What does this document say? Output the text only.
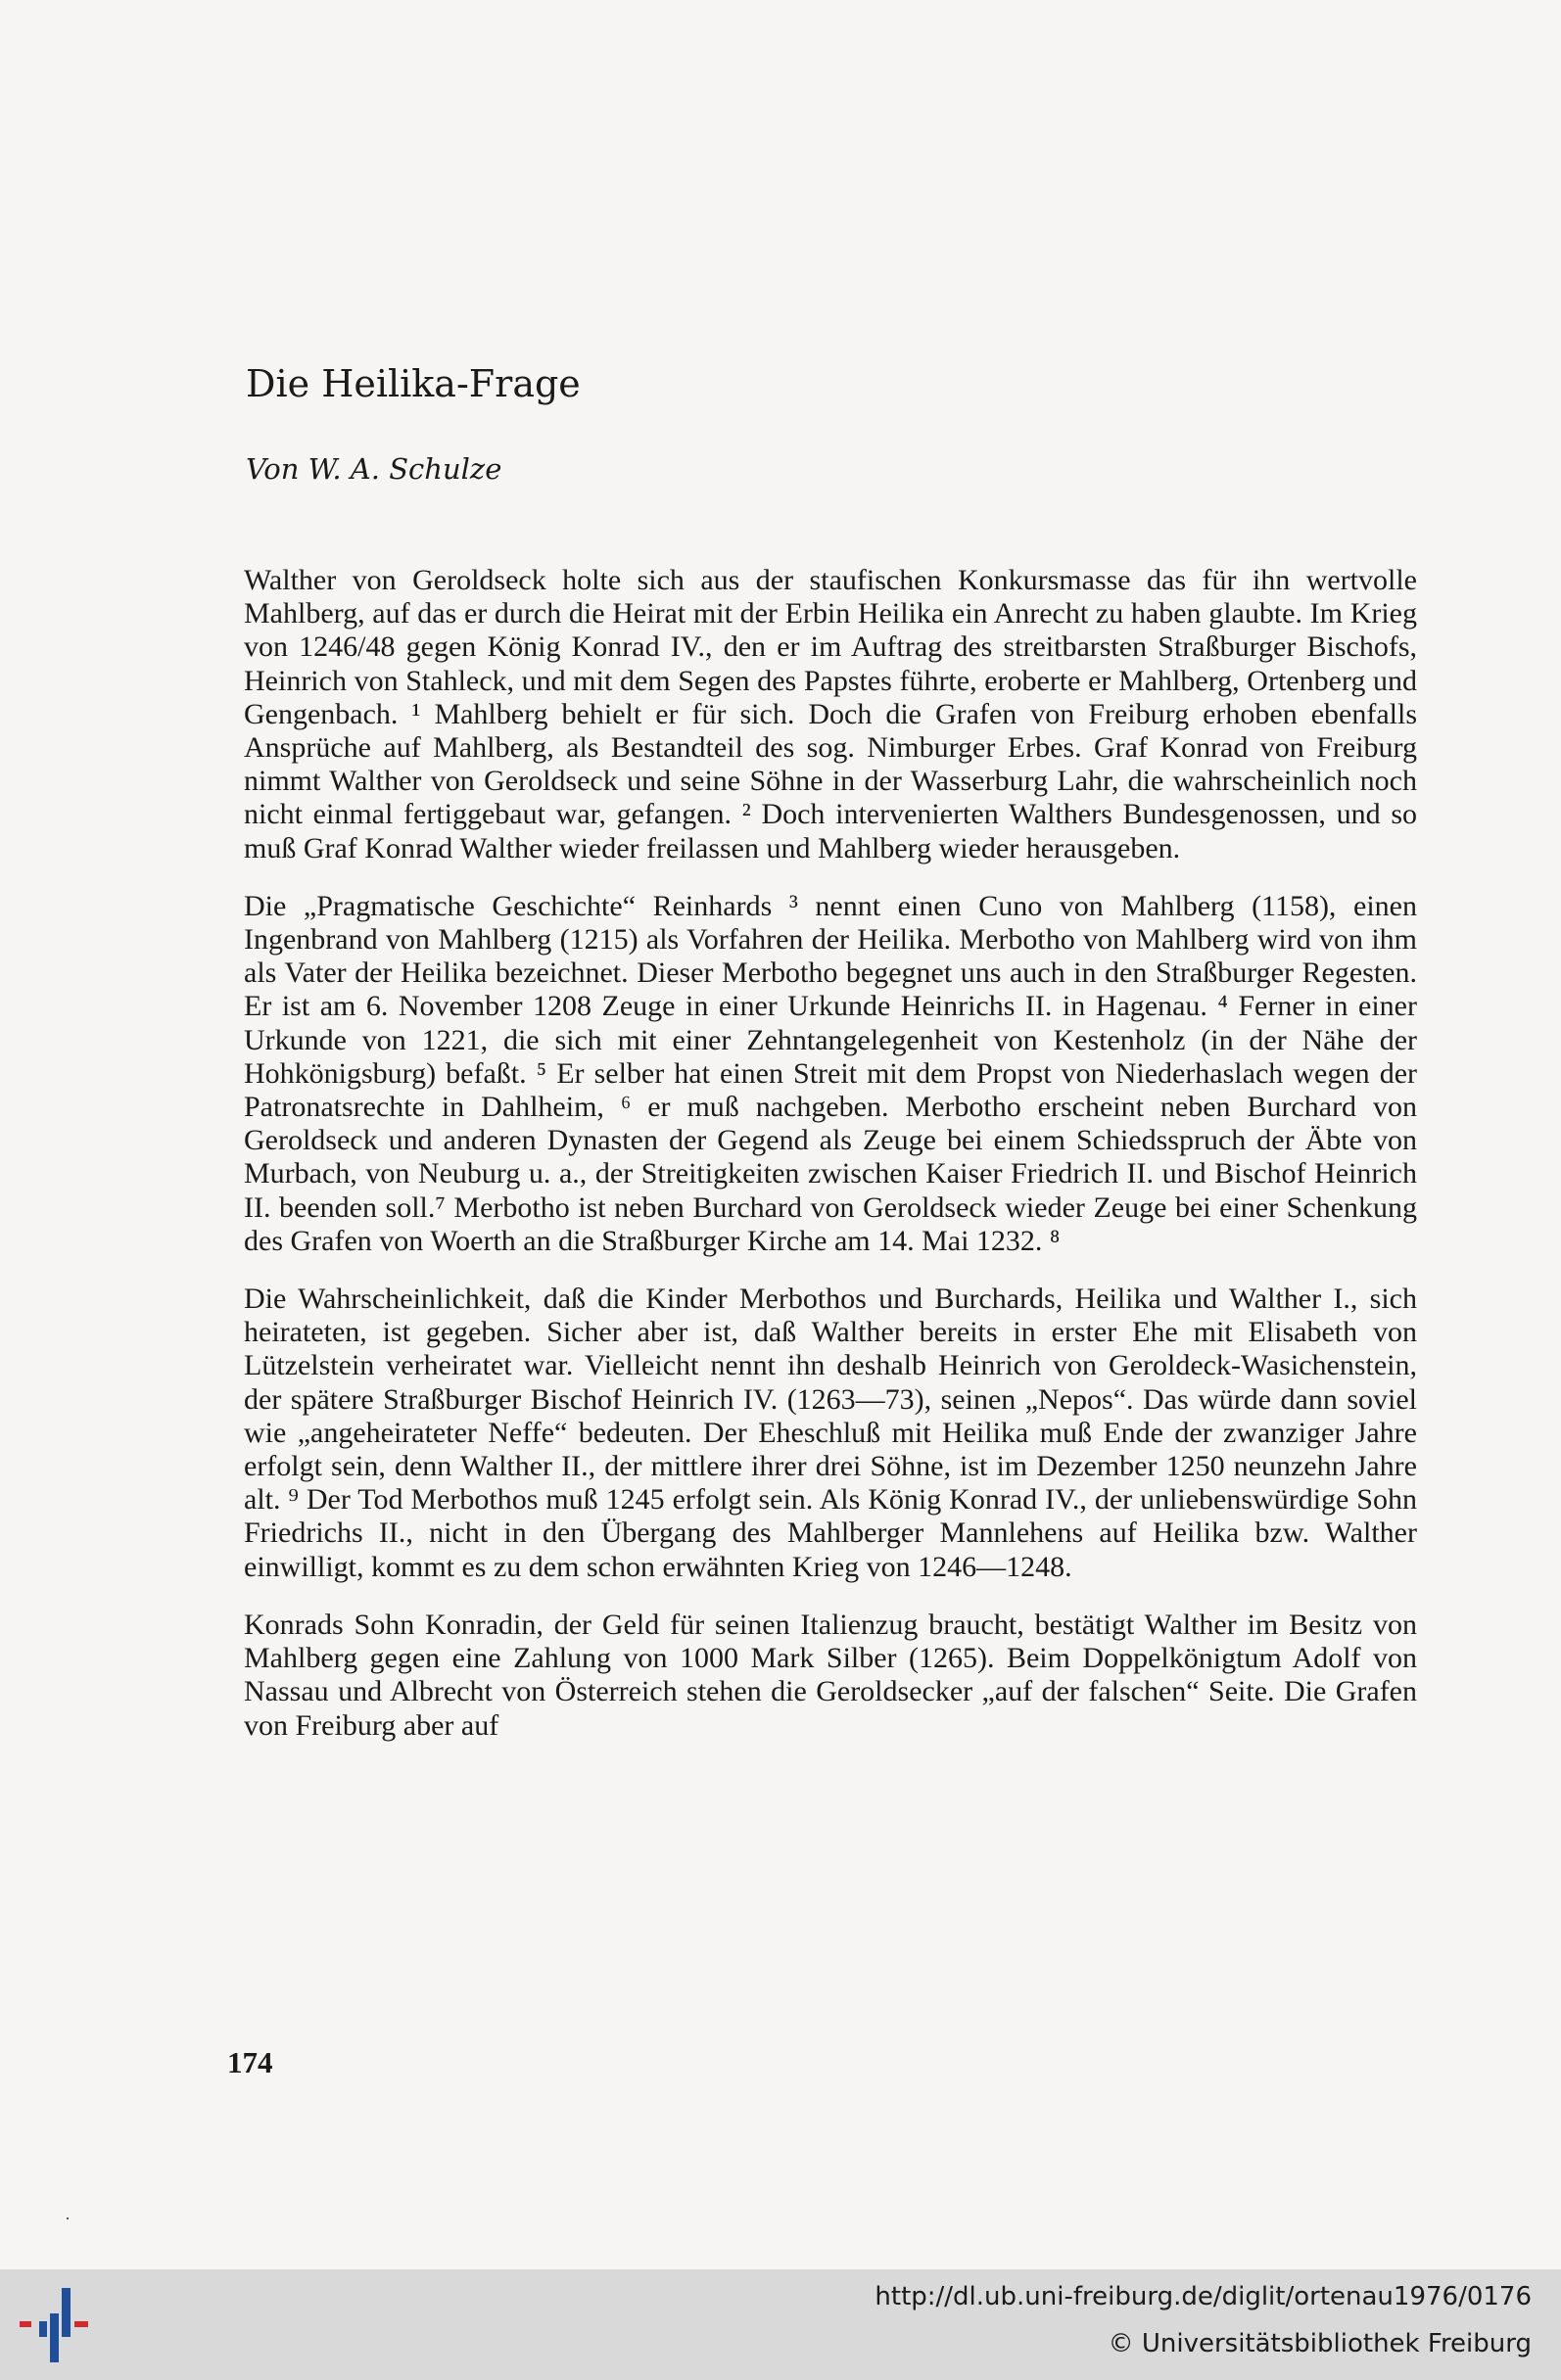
Die Heilika-Frage

Von W. A. Schulze

Walther von Geroldseck holte sich aus der staufischen Konkursmasse das für ihn wertvolle Mahlberg, auf das er durch die Heirat mit der Erbin Heilika ein Anrecht zu haben glaubte. Im Krieg von 1246/48 gegen König Konrad IV., den er im Auftrag des streitbarsten Straßburger Bischofs, Heinrich von Stahleck, und mit dem Segen des Papstes führte, eroberte er Mahlberg, Ortenberg und Gengenbach. ¹ Mahlberg behielt er für sich. Doch die Grafen von Freiburg erhoben ebenfalls Ansprüche auf Mahlberg, als Bestandteil des sog. Nimburger Erbes. Graf Konrad von Freiburg nimmt Walther von Geroldseck und seine Söhne in der Wasserburg Lahr, die wahrscheinlich noch nicht einmal fertiggebaut war, gefangen. ² Doch intervenierten Walthers Bundesgenossen, und so muß Graf Konrad Walther wieder freilassen und Mahlberg wieder herausgeben.

Die „Pragmatische Geschichte“ Reinhards ³ nennt einen Cuno von Mahlberg (1158), einen Ingenbrand von Mahlberg (1215) als Vorfahren der Heilika. Merbotho von Mahlberg wird von ihm als Vater der Heilika bezeichnet. Dieser Merbotho begegnet uns auch in den Straßburger Regesten. Er ist am 6. November 1208 Zeuge in einer Urkunde Heinrichs II. in Hagenau. ⁴ Ferner in einer Urkunde von 1221, die sich mit einer Zehntangelegenheit von Kestenholz (in der Nähe der Hohkönigsburg) befaßt. ⁵ Er selber hat einen Streit mit dem Propst von Niederhaslach wegen der Patronatsrechte in Dahlheim, ⁶ er muß nachgeben. Merbotho erscheint neben Burchard von Geroldseck und anderen Dynasten der Gegend als Zeuge bei einem Schiedsspruch der Äbte von Murbach, von Neuburg u. a., der Streitigkeiten zwischen Kaiser Friedrich II. und Bischof Heinrich II. beenden soll.⁷ Merbotho ist neben Burchard von Geroldseck wieder Zeuge bei einer Schenkung des Grafen von Woerth an die Straßburger Kirche am 14. Mai 1232. ⁸

Die Wahrscheinlichkeit, daß die Kinder Merbothos und Burchards, Heilika und Walther I., sich heirateten, ist gegeben. Sicher aber ist, daß Walther bereits in erster Ehe mit Elisabeth von Lützelstein verheiratet war. Vielleicht nennt ihn deshalb Heinrich von Geroldeck-Wasichenstein, der spätere Straßburger Bischof Heinrich IV. (1263—73), seinen „Nepos“. Das würde dann soviel wie „angeheirateter Neffe“ bedeuten. Der Eheschluß mit Heilika muß Ende der zwanziger Jahre erfolgt sein, denn Walther II., der mittlere ihrer drei Söhne, ist im Dezember 1250 neunzehn Jahre alt. ⁹ Der Tod Merbothos muß 1245 erfolgt sein. Als König Konrad IV., der unliebenswürdige Sohn Friedrichs II., nicht in den Übergang des Mahlberger Mannlehens auf Heilika bzw. Walther einwilligt, kommt es zu dem schon erwähnten Krieg von 1246—1248.

Konrads Sohn Konradin, der Geld für seinen Italienzug braucht, bestätigt Walther im Besitz von Mahlberg gegen eine Zahlung von 1000 Mark Silber (1265). Beim Doppelkönigtum Adolf von Nassau und Albrecht von Österreich stehen die Geroldsecker „auf der falschen“ Seite. Die Grafen von Freiburg aber auf

174
http://dl.ub.uni-freiburg.de/diglit/ortenau1976/0176
© Universitätsbibliothek Freiburg
